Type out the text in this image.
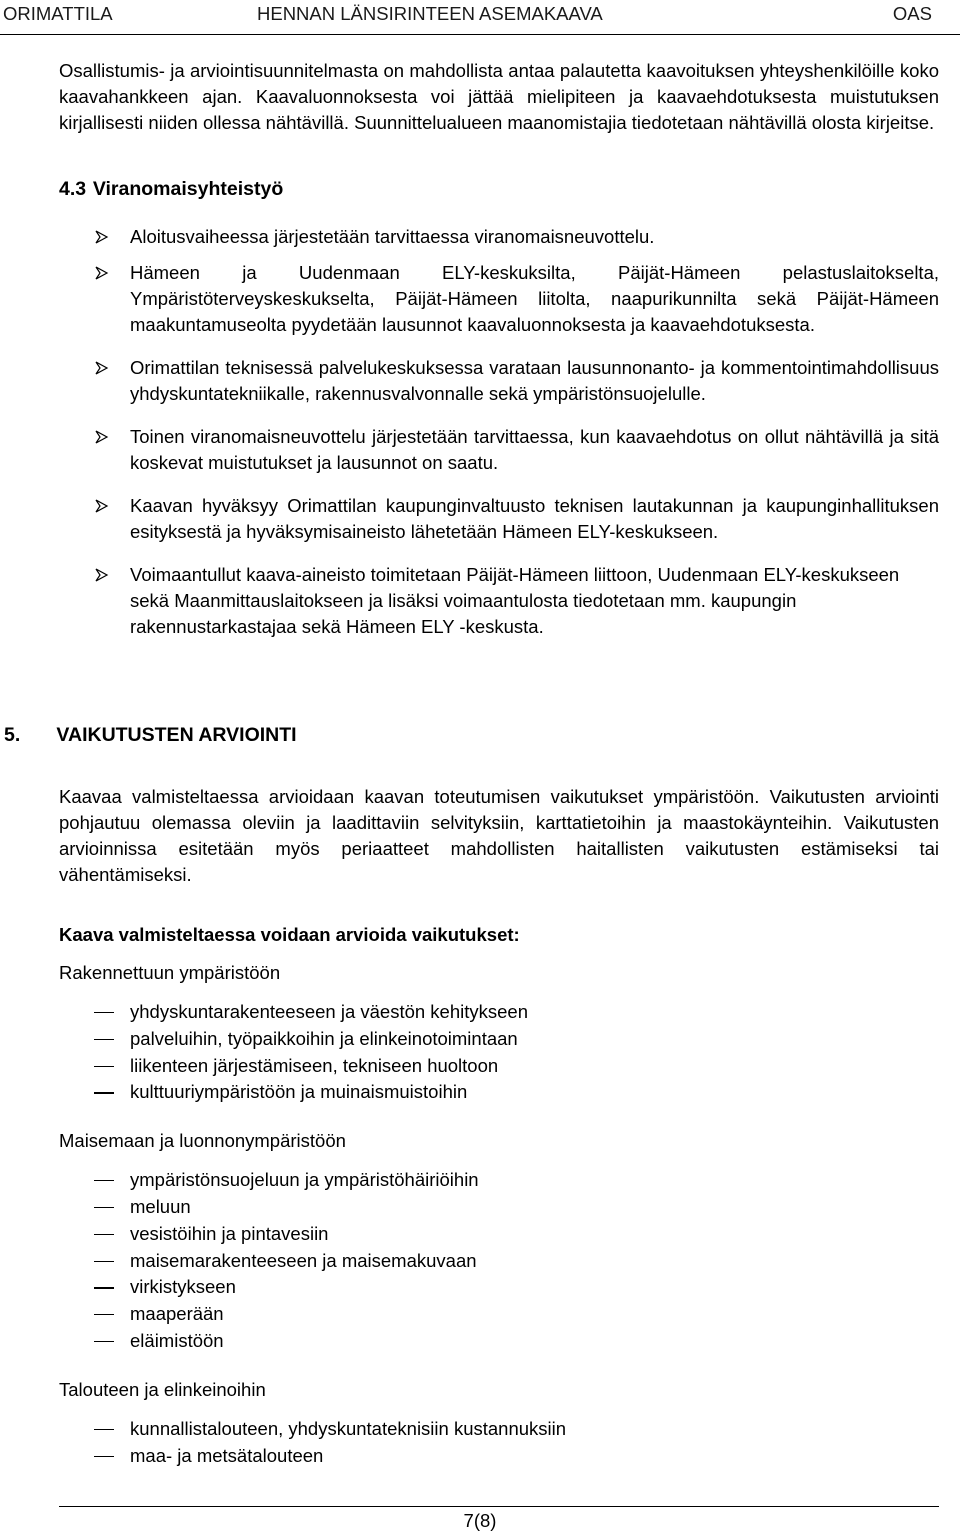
ORIMATTILA	HENNAN LÄNSIRINTEEN ASEMAKAAVA	OAS

Osallistumis- ja arviointisuunnitelmasta on mahdollista antaa palautetta kaavoituksen yhteyshenkilöille koko kaavahankkeen ajan. Kaavaluonnoksesta voi jättää mielipiteen ja kaavaehdotuksesta muistutuksen kirjallisesti niiden ollessa nähtävillä. Suunnittelualueen maanomistajia tiedotetaan nähtävillä olosta kirjeitse.

4.3 Viranomaisyhteistyö
Aloitusvaiheessa järjestetään tarvittaessa viranomaisneuvottelu.
Hämeen ja Uudenmaan ELY-keskuksilta, Päijät-Hämeen pelastuslaitokselta, Ympäristöterveyskeskukselta, Päijät-Hämeen liitolta, naapurikunnilta sekä Päijät-Hämeen maakuntamuseolta pyydetään lausunnot kaavaluonnoksesta ja kaavaehdotuksesta.
Orimattilan teknisessä palvelukeskuksessa varataan lausunnonanto- ja kommentointimahdollisuus yhdyskuntatekniikalle, rakennusvalvonnalle sekä ympäristönsuojelulle.
Toinen viranomaisneuvottelu järjestetään tarvittaessa, kun kaavaehdotus on ollut nähtävillä ja sitä koskevat muistutukset ja lausunnot on saatu.
Kaavan hyväksyy Orimattilan kaupunginvaltuusto teknisen lautakunnan ja kaupunginhallituksen esityksestä ja hyväksymisaineisto lähetetään Hämeen ELY-keskukseen.
Voimaantullut kaava-aineisto toimitetaan Päijät-Hämeen liittoon, Uudenmaan ELY-keskukseen sekä Maanmittauslaitokseen ja lisäksi voimaantulosta tiedotetaan mm. kaupungin rakennustarkastajaa sekä Hämeen ELY -keskusta.
5. VAIKUTUSTEN ARVIOINTI

Kaavaa valmisteltaessa arvioidaan kaavan toteutumisen vaikutukset ympäristöön. Vaikutusten arviointi pohjautuu olemassa oleviin ja laadittaviin selvityksiin, karttatietoihin ja maastokäynteihin. Vaikutusten arvioinnissa esitetään myös periaatteet mahdollisten haitallisten vaikutusten estämiseksi tai vähentämiseksi.

Kaava valmisteltaessa voidaan arvioida vaikutukset:

Rakennettuun ympäristöön

yhdyskuntarakenteeseen ja väestön kehitykseen
palveluihin, työpaikkoihin ja elinkeinotoimintaan
liikenteen järjestämiseen, tekniseen huoltoon
kulttuuriympäristöön ja muinaismuistoihin

Maisemaan ja luonnonympäristöön

ympäristönsuojeluun ja ympäristöhäiriöihin
meluun
vesistöihin ja pintavesiin
maisemarakenteeseen ja maisemakuvaan
virkistykseen
maaperään
eläimistöön

Talouteen ja elinkeinoihin

kunnallistalouteen, yhdyskuntateknisiin kustannuksiin
maa- ja metsätalouteen
7(8)
